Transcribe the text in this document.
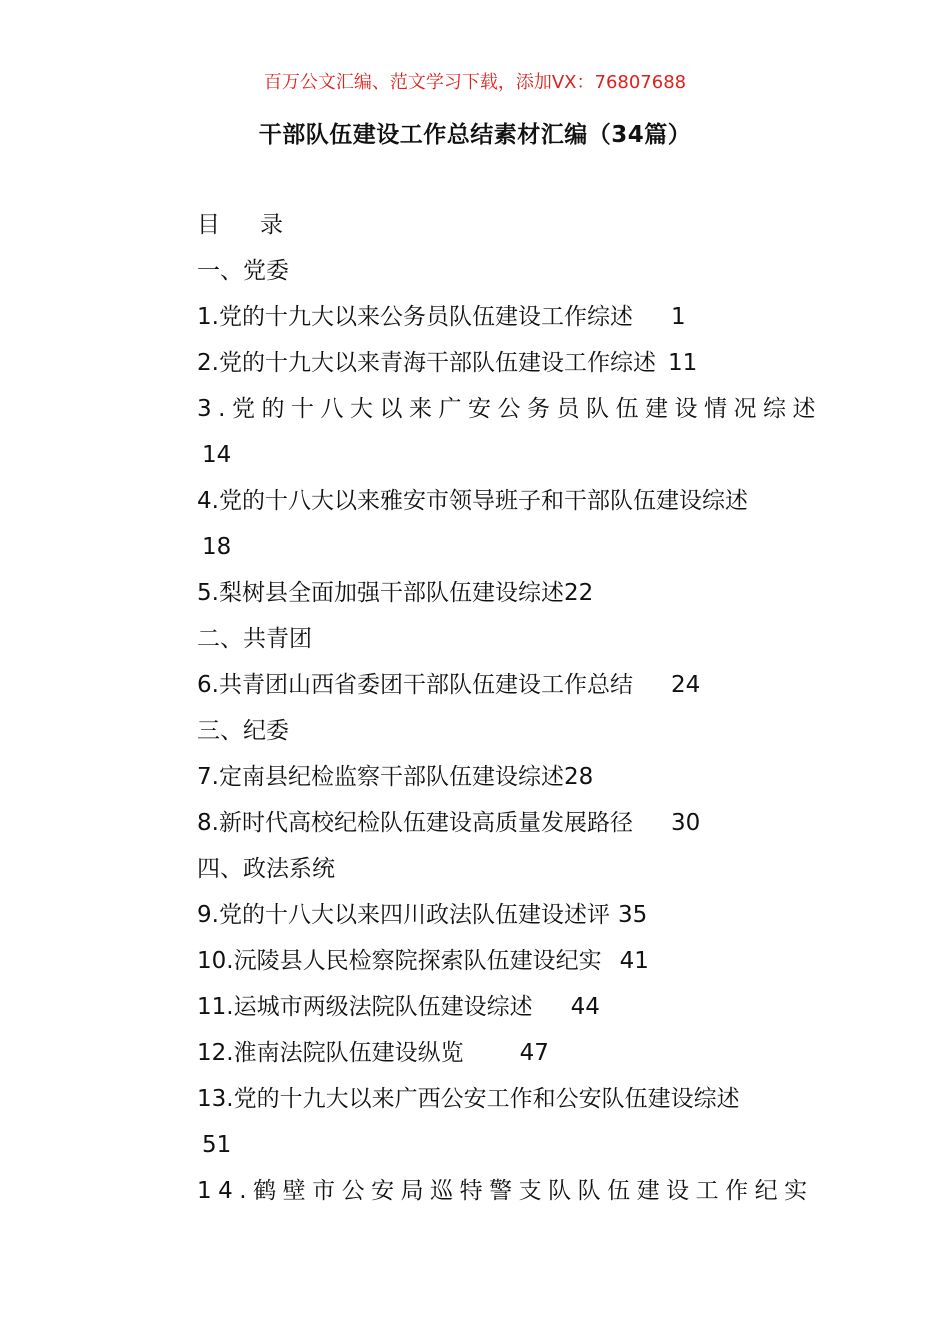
百万公文汇编、范文学习下载，添加VX：76807688
干部队伍建设工作总结素材汇编（34篇）
目 录
一、党委
1.党的十九大以来公务员队伍建设工作综述 1
2.党的十九大以来青海干部队伍建设工作综述 11
3.党的十八大以来广安公务员队伍建设情况综述
14
4.党的十八大以来雅安市领导班子和干部队伍建设综述
18
5.梨树县全面加强干部队伍建设综述 22
二、共青团
6.共青团山西省委团干部队伍建设工作总结 24
三、纪委
7.定南县纪检监察干部队伍建设综述 28
8.新时代高校纪检队伍建设高质量发展路径 30
四、政法系统
9.党的十八大以来四川政法队伍建设述评 35
10.沅陵县人民检察院探索队伍建设纪实 41
11.运城市两级法院队伍建设综述 44
12.淮南法院队伍建设纵览 47
13.党的十九大以来广西公安工作和公安队伍建设综述
51
14.鹤壁市公安局巡特警支队队伍建设工作纪实
